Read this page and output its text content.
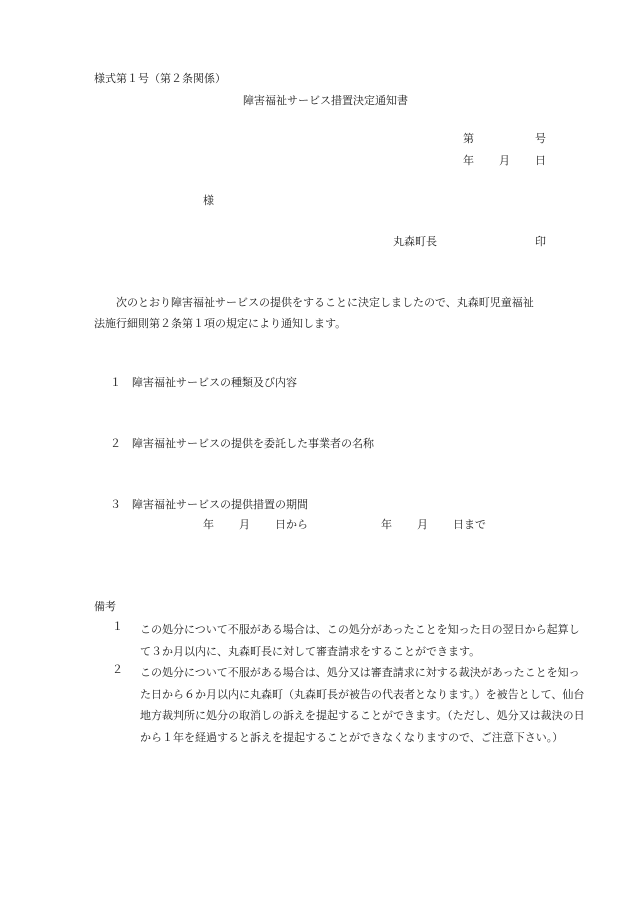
様式第１号（第２条関係）
障害福祉サービス措置決定通知書
第	号
年 月 日
様
丸森町長	印

次のとおり障害福祉サービスの提供をすることに決定しましたので、丸森町児童福祉

法施行細則第２条第１項の規定により通知します。

１ 障害福祉サービスの種類及び内容
２ 障害福祉サービスの提供を委託した事業者の名称
３ 障害福祉サービスの提供措置の期間
年 月 日から	年 月 日まで
備考
１	この処分について不服がある場合は、この処分があったことを知った日の翌日から起算して３か月以内に、丸森町長に対して審査請求をすることができます。
２	この処分について不服がある場合は、処分又は審査請求に対する裁決があったことを知った日から６か月以内に丸森町（丸森町長が被告の代表者となります。）を被告として、仙台地方裁判所に処分の取消しの訴えを提起することができます。（ただし、処分又は裁決の日から１年を経過すると訴えを提起することができなくなりますので、ご注意下さい。）
